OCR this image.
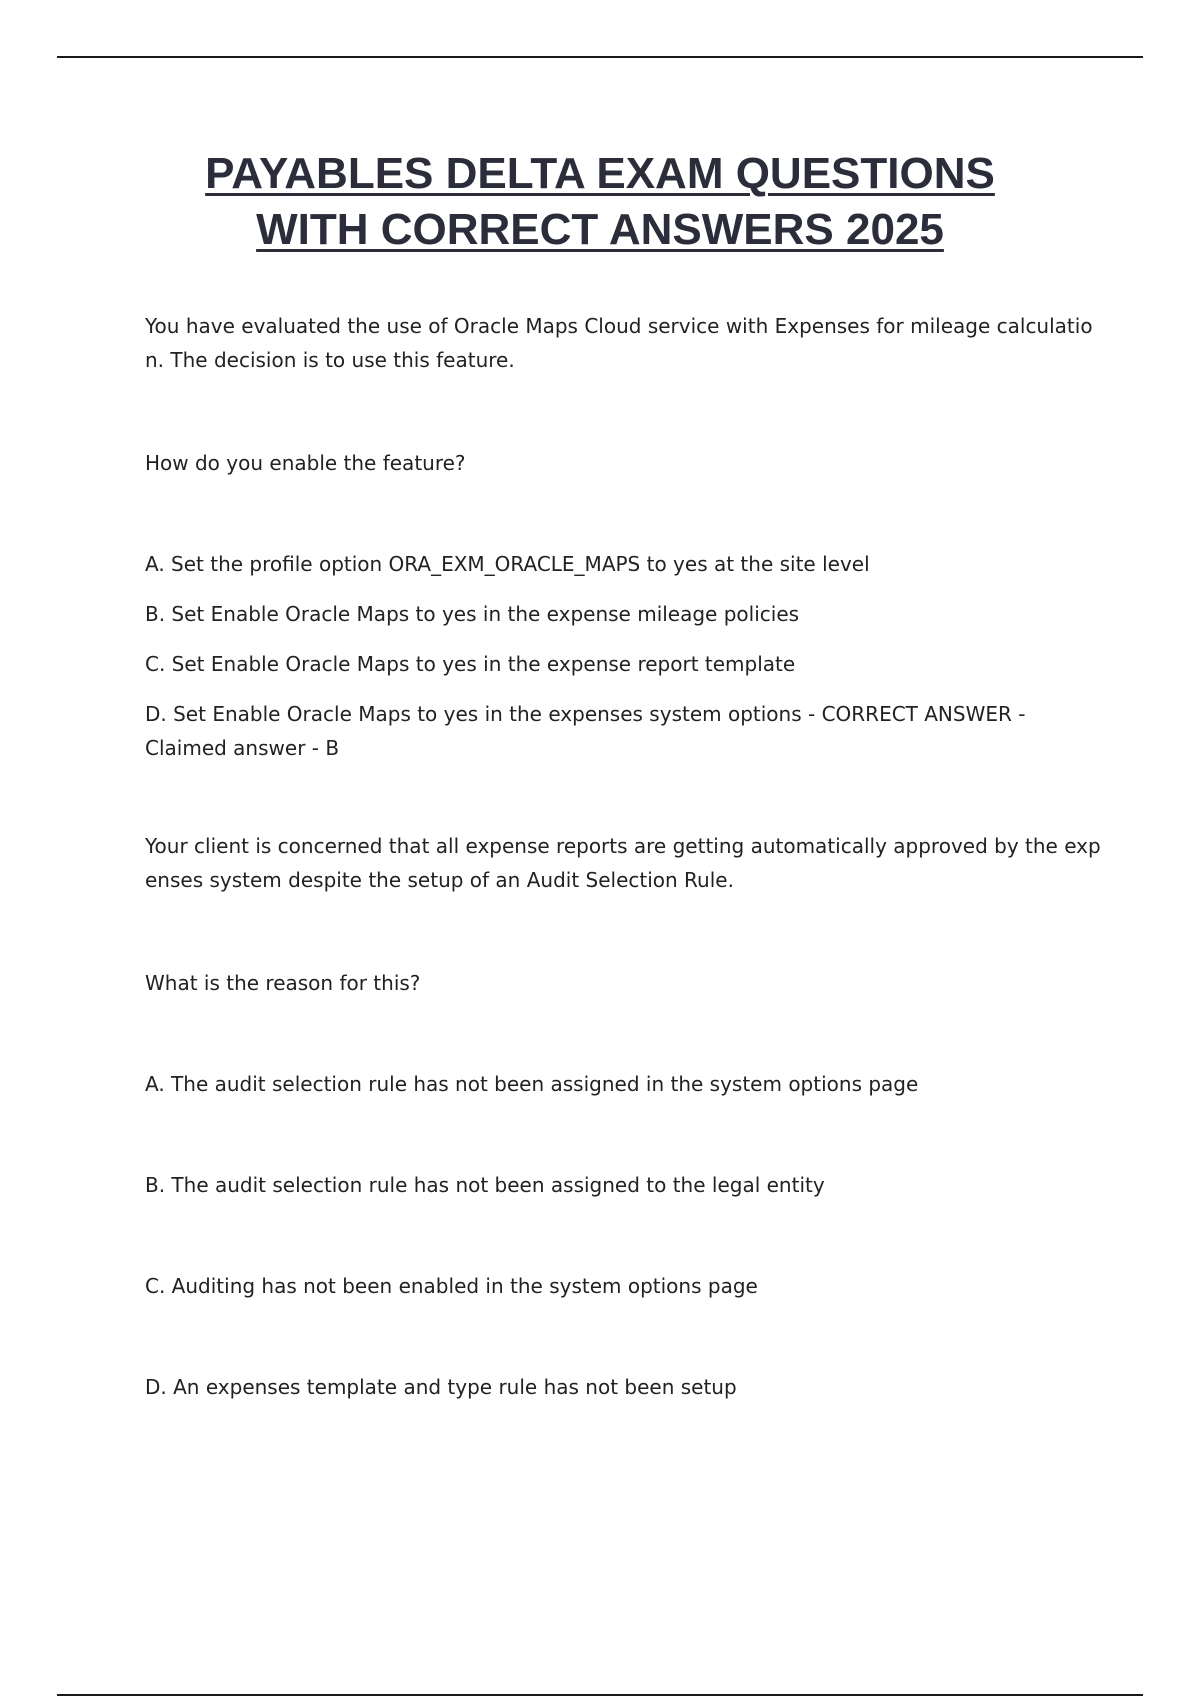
PAYABLES DELTA EXAM QUESTIONS
WITH CORRECT ANSWERS 2025
You have evaluated the use of Oracle Maps Cloud service with Expenses for mileage calculatio
n. The decision is to use this feature.
How do you enable the feature?
A. Set the profile option ORA_EXM_ORACLE_MAPS to yes at the site level
B. Set Enable Oracle Maps to yes in the expense mileage policies
C. Set Enable Oracle Maps to yes in the expense report template
D. Set Enable Oracle Maps to yes in the expenses system options - CORRECT ANSWER -
Claimed answer - B
Your client is concerned that all expense reports are getting automatically approved by the exp
enses system despite the setup of an Audit Selection Rule.
What is the reason for this?
A. The audit selection rule has not been assigned in the system options page
B. The audit selection rule has not been assigned to the legal entity
C. Auditing has not been enabled in the system options page
D. An expenses template and type rule has not been setup
